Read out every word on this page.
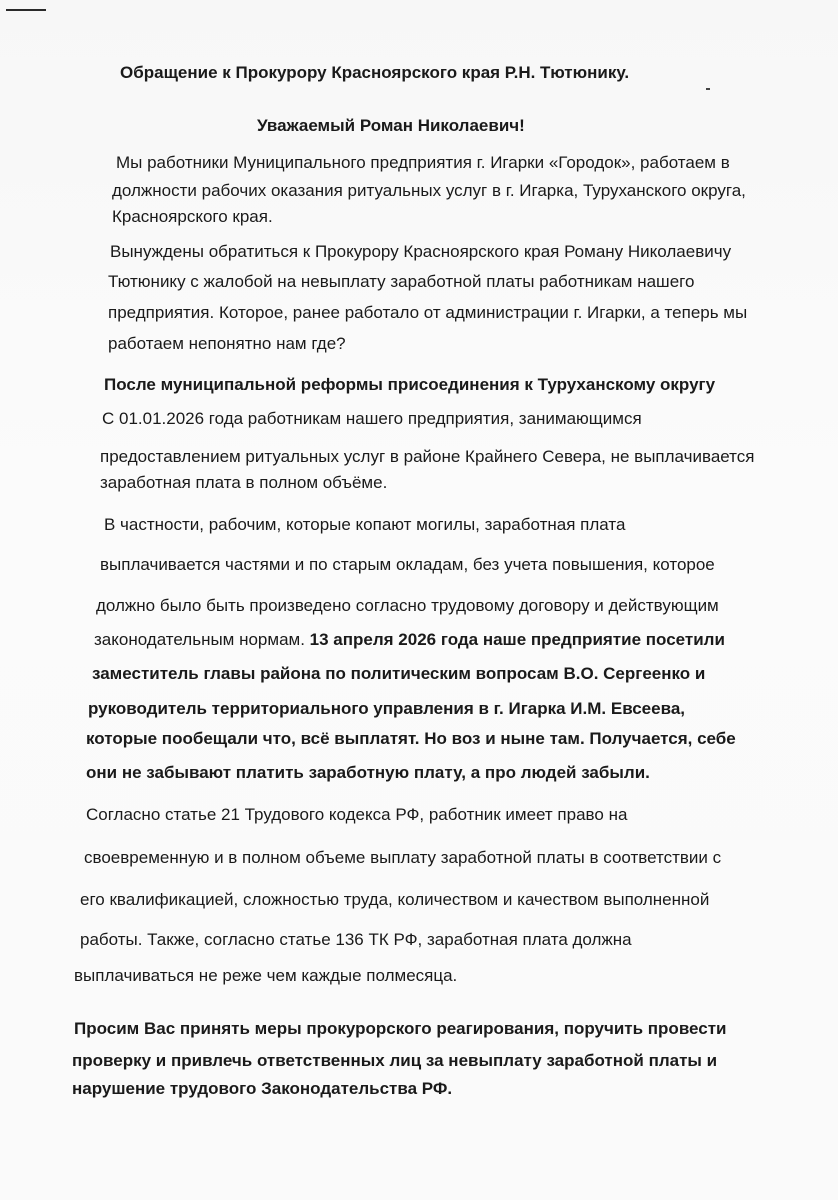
Обращение к Прокурору Красноярского края Р.Н. Тютюнику.
Уважаемый Роман Николаевич!
Мы работники Муниципального предприятия г. Игарки «Городок», работаем в
должности рабочих оказания ритуальных услуг в г. Игарка, Туруханского округа,
Красноярского края.
Вынуждены обратиться к Прокурору Красноярского края Роману Николаевичу
Тютюнику с жалобой на невыплату заработной платы работникам нашего
предприятия. Которое, ранее работало от администрации г. Игарки, а теперь мы
работаем непонятно нам где?
После муниципальной реформы присоединения к Туруханскому округу
С 01.01.2026 года работникам нашего предприятия, занимающимся
предоставлением ритуальных услуг в районе Крайнего Севера, не выплачивается
заработная плата в полном объёме.
В частности, рабочим, которые копают могилы, заработная плата
выплачивается частями и по старым окладам, без учета повышения, которое
должно было быть произведено согласно трудовому договору и действующим
законодательным нормам. 13 апреля 2026 года наше предприятие посетили
заместитель главы района по политическим вопросам В.О. Сергеенко и
руководитель территориального управления в г. Игарка И.М. Евсеева,
которые пообещали что, всё выплатят. Но воз и ныне там. Получается, себе
они не забывают платить заработную плату, а про людей забыли.
Согласно статье 21 Трудового кодекса РФ, работник имеет право на
своевременную и в полном объеме выплату заработной платы в соответствии с
его квалификацией, сложностью труда, количеством и качеством выполненной
работы. Также, согласно статье 136 ТК РФ, заработная плата должна
выплачиваться не реже чем каждые полмесяца.
Просим Вас принять меры прокурорского реагирования, поручить провести
проверку и привлечь ответственных лиц за невыплату заработной платы и
нарушение трудового Законодательства РФ.
